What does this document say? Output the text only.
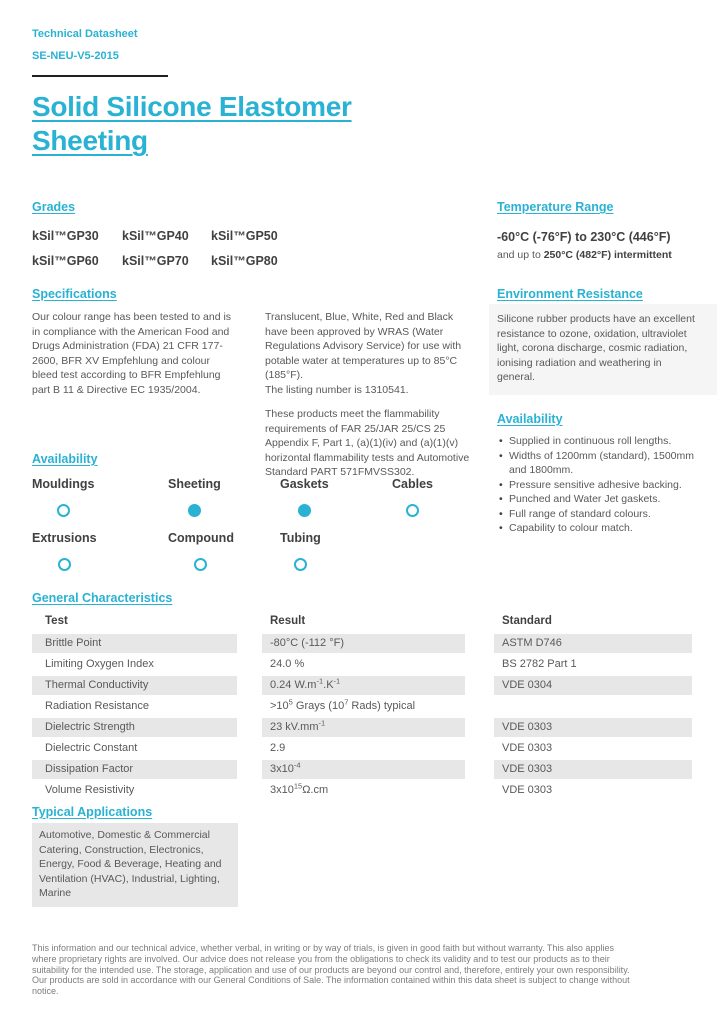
Technical Datasheet
SE-NEU-V5-2015
Solid Silicone Elastomer
Sheeting
Grades
kSil™GP30	kSil™GP40	kSil™GP50
kSil™GP60	kSil™GP70	kSil™GP80
Temperature Range
-60°C (-76°F) to 230°C (446°F)
and up to 250°C (482°F) intermittent
Specifications
Our colour range has been tested to and is in compliance with the American Food and Drugs Administration (FDA) 21 CFR 177-2600, BFR XV Empfehlung and colour bleed test according to BFR Empfehlung part B 11 & Directive EC 1935/2004.
Translucent, Blue, White, Red and Black have been approved by WRAS (Water Regulations Advisory Service) for use with potable water at temperatures up to 85°C (185°F).
The listing number is 1310541.
These products meet the flammability requirements of FAR 25/JAR 25/CS 25 Appendix F, Part 1, (a)(1)(iv) and (a)(1)(v) horizontal flammability tests and Automotive Standard PART 571FMVSS302.
Environment Resistance
Silicone rubber products have an excellent resistance to ozone, oxidation, ultraviolet light, corona discharge, cosmic radiation, ionising radiation and weathering in general.
Availability
• Supplied in continuous roll lengths.
• Widths of 1200mm (standard), 1500mm and 1800mm.
• Pressure sensitive adhesive backing.
• Punched and Water Jet gaskets.
• Full range of standard colours.
• Capability to colour match.
Availability
Mouldings	Sheeting	Gaskets	Cables
Extrusions	Compound	Tubing
General Characteristics
Test	Result	Standard
Brittle Point	-80°C (-112 °F)	ASTM D746
Limiting Oxygen Index	24.0 %	BS 2782 Part 1
Thermal Conductivity	0.24 $W.m^{-1}.K^{-1}$	VDE 0304
Radiation Resistance	$>10^5$ Grays ($10^7$ Rads) typical
Dielectric Strength	23 $kV.mm^{-1}$	VDE 0303
Dielectric Constant	2.9	VDE 0303
Dissipation Factor	$3x10^{-4}$	VDE 0303
Volume Resistivity	$3x10^{15}\Omega.cm$	VDE 0303
Typical Applications
Automotive, Domestic & Commercial Catering, Construction, Electronics, Energy, Food & Beverage, Heating and Ventilation (HVAC), Industrial, Lighting, Marine
This information and our technical advice, whether verbal, in writing or by way of trials, is given in good faith but without warranty. This also applies where proprietary rights are involved. Our advice does not release you from the obligations to check its validity and to test our products as to their suitability for the intended use. The storage, application and use of our products are beyond our control and, therefore, entirely your own responsibility. Our products are sold in accordance with our General Conditions of Sale. The information contained within this data sheet is subject to change without notice.
